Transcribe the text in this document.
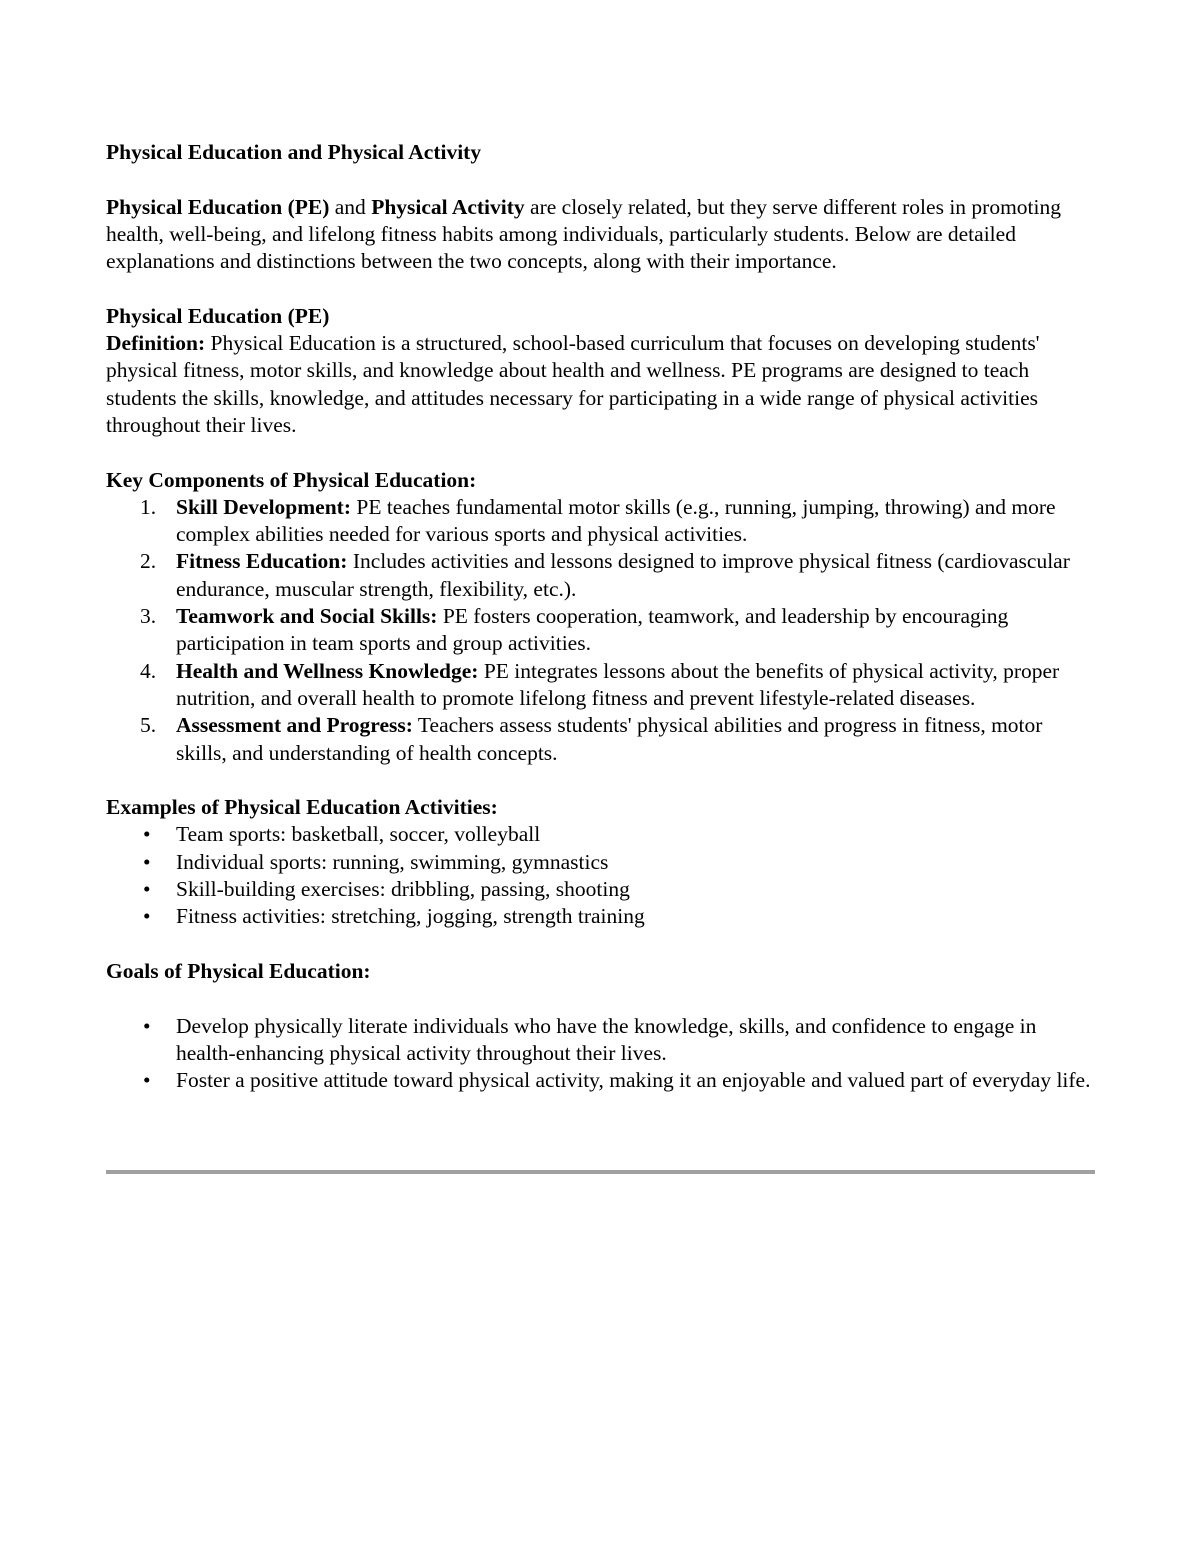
Physical Education and Physical Activity

Physical Education (PE) and Physical Activity are closely related, but they serve different roles in promoting health, well-being, and lifelong fitness habits among individuals, particularly students. Below are detailed explanations and distinctions between the two concepts, along with their importance.

Physical Education (PE)

Definition: Physical Education is a structured, school-based curriculum that focuses on developing students' physical fitness, motor skills, and knowledge about health and wellness. PE programs are designed to teach students the skills, knowledge, and attitudes necessary for participating in a wide range of physical activities throughout their lives.

Key Components of Physical Education:

1. Skill Development: PE teaches fundamental motor skills (e.g., running, jumping, throwing) and more complex abilities needed for various sports and physical activities.
2. Fitness Education: Includes activities and lessons designed to improve physical fitness (cardiovascular endurance, muscular strength, flexibility, etc.).
3. Teamwork and Social Skills: PE fosters cooperation, teamwork, and leadership by encouraging participation in team sports and group activities.
4. Health and Wellness Knowledge: PE integrates lessons about the benefits of physical activity, proper nutrition, and overall health to promote lifelong fitness and prevent lifestyle-related diseases.
5. Assessment and Progress: Teachers assess students' physical abilities and progress in fitness, motor skills, and understanding of health concepts.

Examples of Physical Education Activities:

• Team sports: basketball, soccer, volleyball
• Individual sports: running, swimming, gymnastics
• Skill-building exercises: dribbling, passing, shooting
• Fitness activities: stretching, jogging, strength training

Goals of Physical Education:

• Develop physically literate individuals who have the knowledge, skills, and confidence to engage in health-enhancing physical activity throughout their lives.
• Foster a positive attitude toward physical activity, making it an enjoyable and valued part of everyday life.
